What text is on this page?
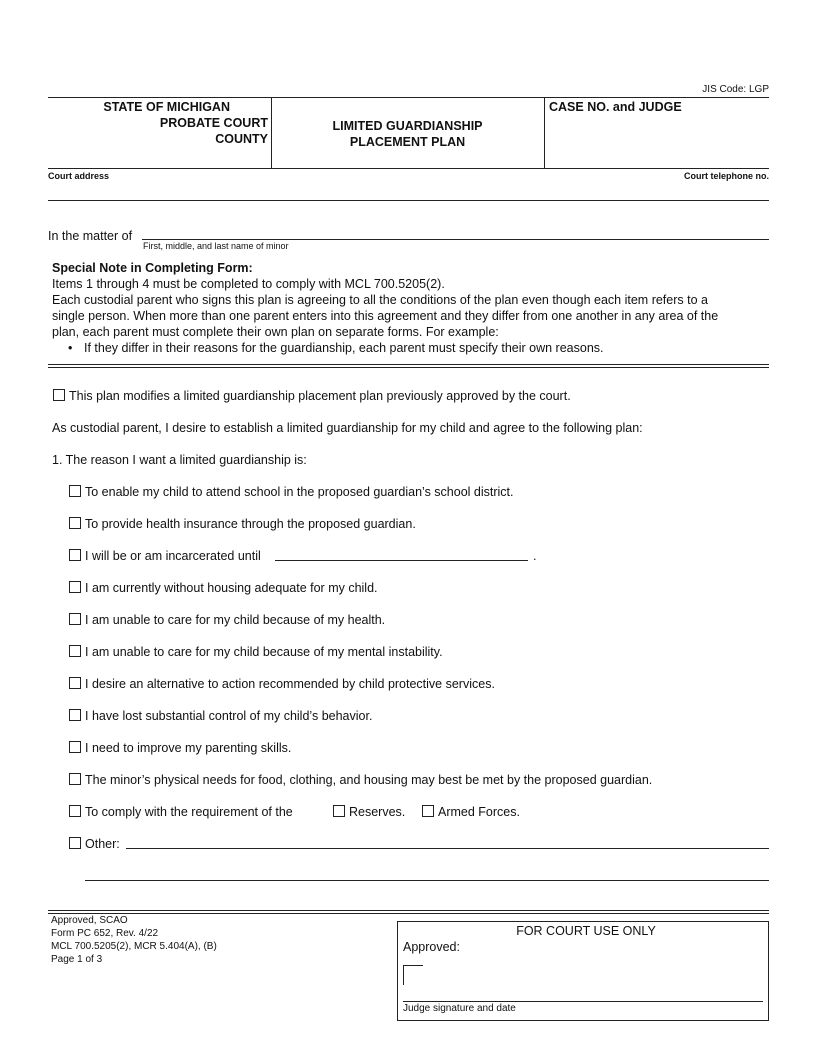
JIS Code: LGP
STATE OF MICHIGAN
PROBATE COURT
COUNTY
LIMITED GUARDIANSHIP
PLACEMENT PLAN
CASE NO. and JUDGE
Court address	Court telephone no.
In the matter of
First, middle, and last name of minor
Special Note in Completing Form:
Items 1 through 4 must be completed to comply with MCL 700.5205(2).
Each custodial parent who signs this plan is agreeing to all the conditions of the plan even though each item refers to a
single person. When more than one parent enters into this agreement and they differ from one another in any area of the
plan, each parent must complete their own plan on separate forms. For example:
• If they differ in their reasons for the guardianship, each parent must specify their own reasons.
This plan modifies a limited guardianship placement plan previously approved by the court.
As custodial parent, I desire to establish a limited guardianship for my child and agree to the following plan:
1. The reason I want a limited guardianship is:
To enable my child to attend school in the proposed guardian’s school district.
To provide health insurance through the proposed guardian.
I will be or am incarcerated until	.
I am currently without housing adequate for my child.
I am unable to care for my child because of my health.
I am unable to care for my child because of my mental instability.
I desire an alternative to action recommended by child protective services.
I have lost substantial control of my child’s behavior.
I need to improve my parenting skills.
The minor’s physical needs for food, clothing, and housing may best be met by the proposed guardian.
To comply with the requirement of the	Reserves.	Armed Forces.
Other:
Approved, SCAO
Form PC 652, Rev. 4/22
MCL 700.5205(2), MCR 5.404(A), (B)
Page 1 of 3
FOR COURT USE ONLY
Approved:
Judge signature and date
